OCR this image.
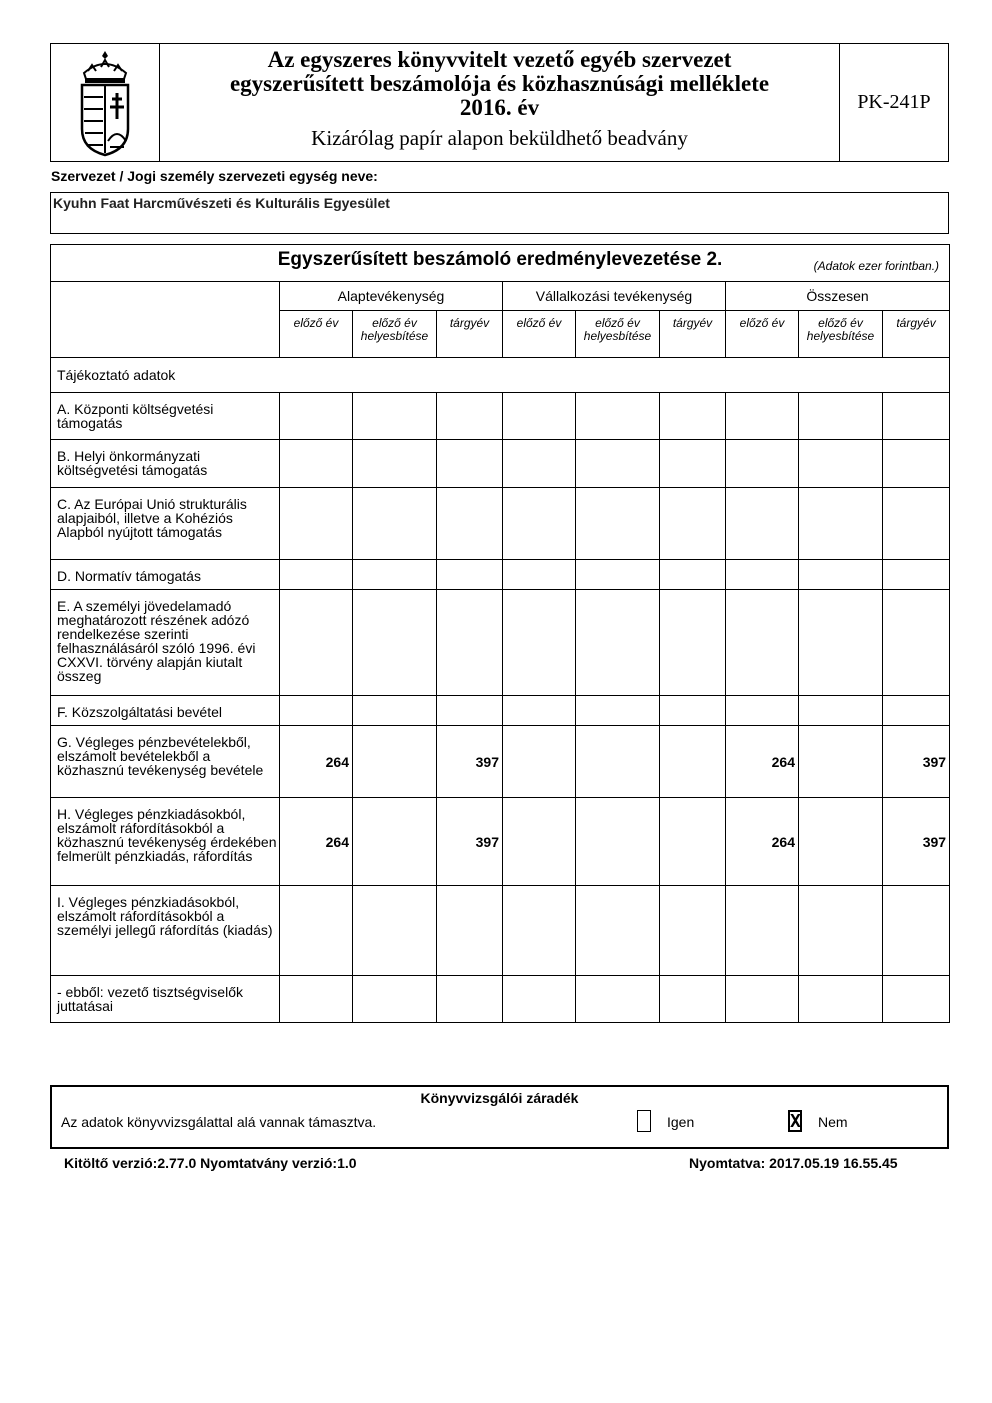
Az egyszeres könyvvitelt vezető egyéb szervezet
egyszerűsített beszámolója és közhasznúsági melléklete
2016. év
Kizárólag papír alapon beküldhető beadvány
PK-241P
Szervezet / Jogi személy szervezeti egység neve:
Kyuhn Faat Harcművészeti és Kulturális Egyesület
Egyszerűsített beszámoló eredménylevezetése 2. (Adatok ezer forintban.)									

	Alaptevékenység			Vállalkozási tevékenység			Összesen		
	előző év	előző év helyesbítése	tárgyév	előző év	előző év helyesbítése	tárgyév	előző év	előző év helyesbítése	tárgyév
Tájékoztató adatok									
A. Központi költségvetési támogatás									
B. Helyi önkormányzati költségvetési támogatás									
C. Az Európai Unió strukturális alapjaiból, illetve a Kohéziós Alapból nyújtott támogatás									
D. Normatív támogatás									
E. A személyi jövedelamadó meghatározott részének adózó rendelkezése szerinti felhasználásáról szóló 1996. évi CXXVI. törvény alapján kiutalt összeg									
F. Közszolgáltatási bevétel									
G. Végleges pénzbevételekből, elszámolt bevételekből a közhasznú tevékenység bevétele	264		397				264		397
H. Végleges pénzkiadásokból, elszámolt ráfordításokból a közhasznú tevékenység érdekében felmerült pénzkiadás, ráfordítás	264		397				264		397
I. Végleges pénzkiadásokból, elszámolt ráfordításokból a személyi jellegű ráfordítás (kiadás)									
- ebből: vezető tisztségviselők juttatásai									
Könyvvizsgálói záradék
Az adatok könyvvizsgálattal alá vannak támasztva.	Igen	X Nem
Kitöltő verzió:2.77.0 Nyomtatvány verzió:1.0	Nyomtatva: 2017.05.19 16.55.45
